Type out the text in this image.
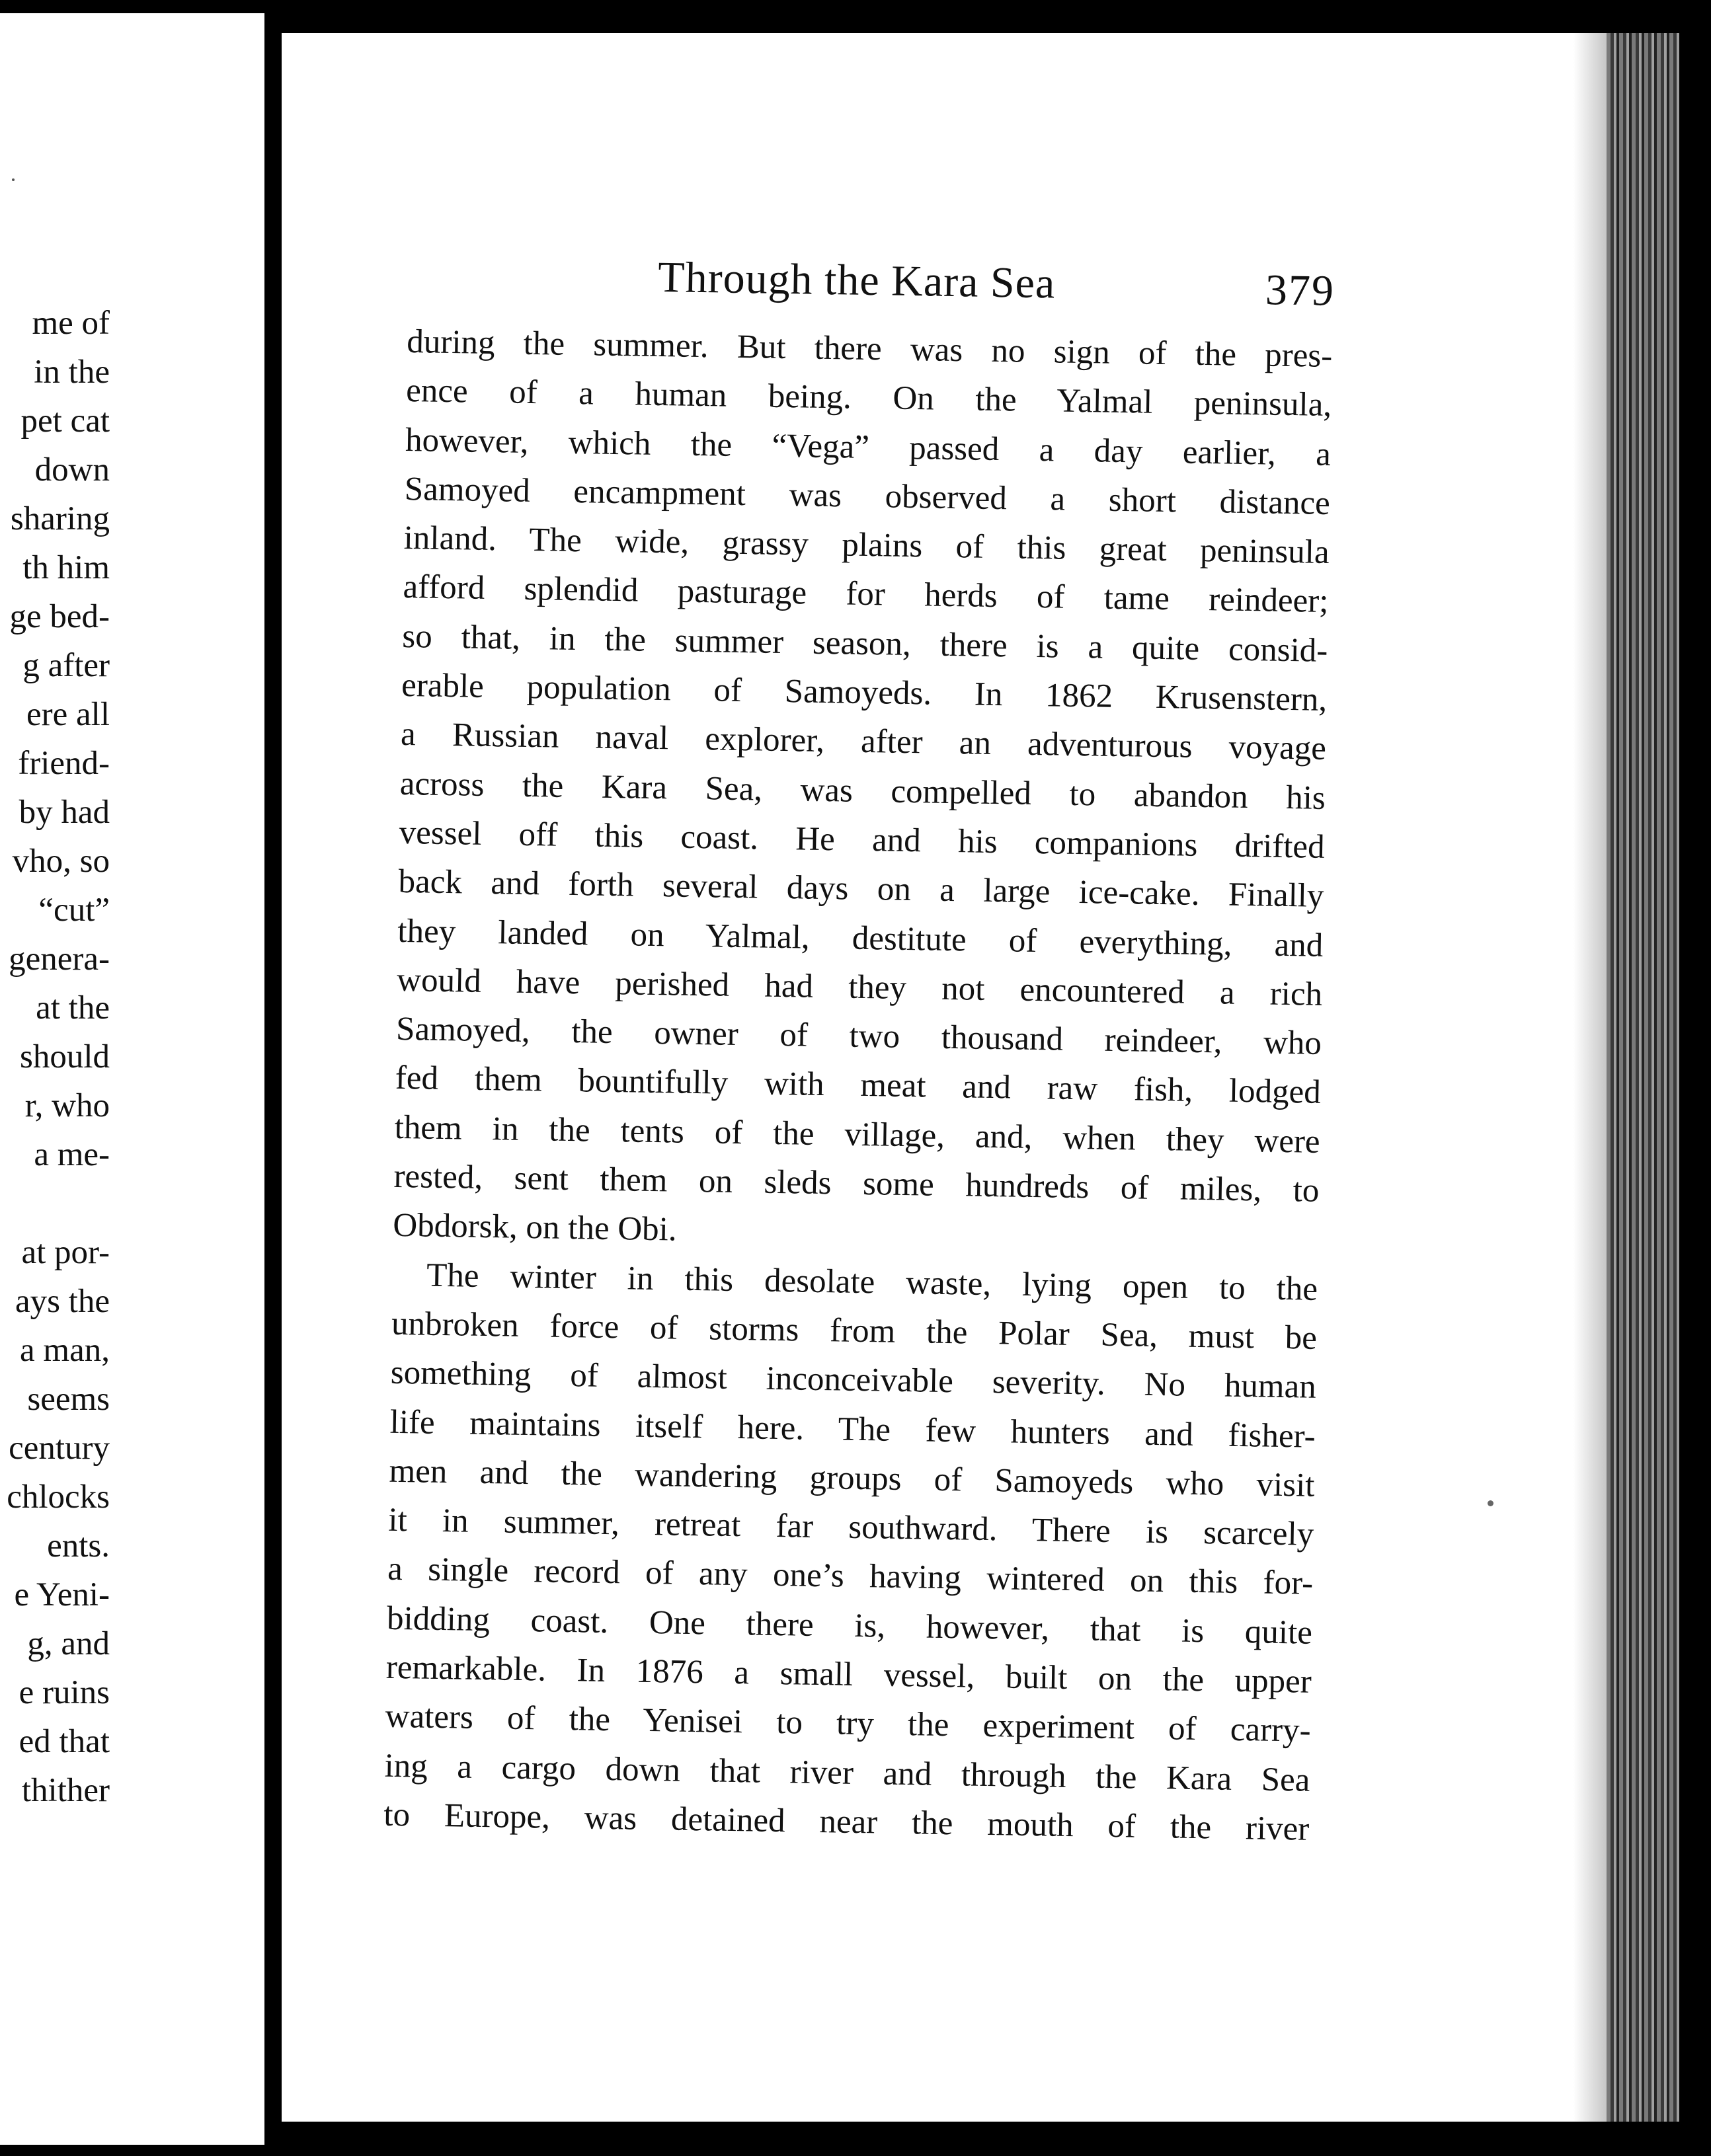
me of
in the
pet cat
down
sharing
th him
ge bed-
g after
ere all
friend-
by had
vho, so
“cut”
genera-
at the
should
r, who
a me-
at por-
ays the
a man,
seems
century
chlocks
ents.
e Yeni-
g, and
e ruins
ed that
thither
Through the Kara Sea	379
during the summer. But there was no sign of the pres-
ence of a human being. On the Yalmal peninsula,
however, which the “Vega” passed a day earlier, a
Samoyed encampment was observed a short distance
inland. The wide, grassy plains of this great peninsula
afford splendid pasturage for herds of tame reindeer;
so that, in the summer season, there is a quite consid-
erable population of Samoyeds. In 1862 Krusenstern,
a Russian naval explorer, after an adventurous voyage
across the Kara Sea, was compelled to abandon his
vessel off this coast. He and his companions drifted
back and forth several days on a large ice-cake. Finally
they landed on Yalmal, destitute of everything, and
would have perished had they not encountered a rich
Samoyed, the owner of two thousand reindeer, who
fed them bountifully with meat and raw fish, lodged
them in the tents of the village, and, when they were
rested, sent them on sleds some hundreds of miles, to
Obdorsk, on the Obi.
The winter in this desolate waste, lying open to the
unbroken force of storms from the Polar Sea, must be
something of almost inconceivable severity. No human
life maintains itself here. The few hunters and fisher-
men and the wandering groups of Samoyeds who visit
it in summer, retreat far southward. There is scarcely
a single record of any one’s having wintered on this for-
bidding coast. One there is, however, that is quite
remarkable. In 1876 a small vessel, built on the upper
waters of the Yenisei to try the experiment of carry-
ing a cargo down that river and through the Kara Sea
to Europe, was detained near the mouth of the river
